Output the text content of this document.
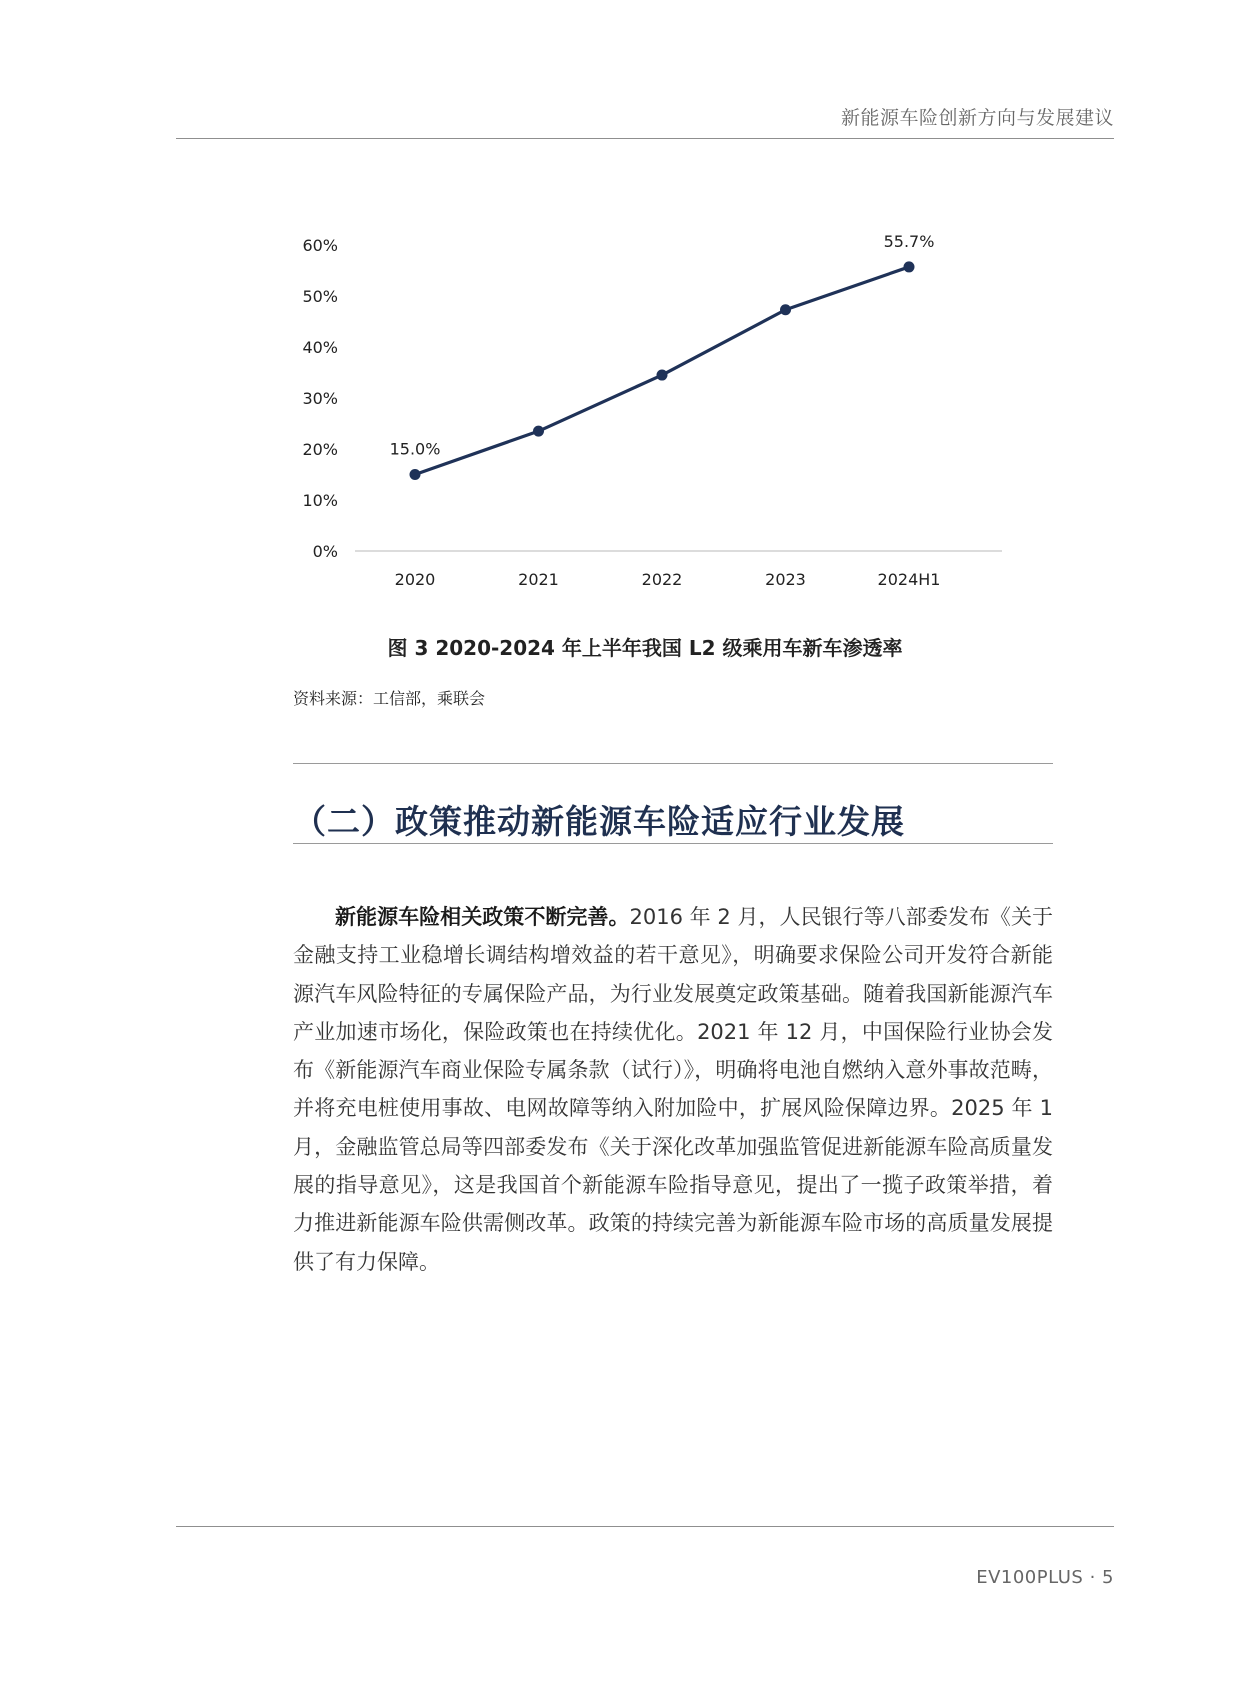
新能源车险创新方向与发展建议
0%
10%
20%
30%
40%
50%
60%
2020	2021	2022	2023	2024H1
15.0%
55.7%
图 3 2020-2024 年上半年我国 L2 级乘用车新车渗透率
资料来源：工信部，乘联会
（二）政策推动新能源车险适应行业发展
新能源车险相关政策不断完善。2016 年 2 月，人民银行等八部委发布《关于金融支持工业稳增长调结构增效益的若干意见》，明确要求保险公司开发符合新能源汽车风险特征的专属保险产品，为行业发展奠定政策基础。随着我国新能源汽车产业加速市场化，保险政策也在持续优化。2021 年 12 月，中国保险行业协会发布《新能源汽车商业保险专属条款（试行）》，明确将电池自燃纳入意外事故范畴，并将充电桩使用事故、电网故障等纳入附加险中，扩展风险保障边界。2025 年 1 月，金融监管总局等四部委发布《关于深化改革加强监管促进新能源车险高质量发展的指导意见》，这是我国首个新能源车险指导意见，提出了一揽子政策举措，着力推进新能源车险供需侧改革。政策的持续完善为新能源车险市场的高质量发展提供了有力保障。
EV100PLUS · 5
